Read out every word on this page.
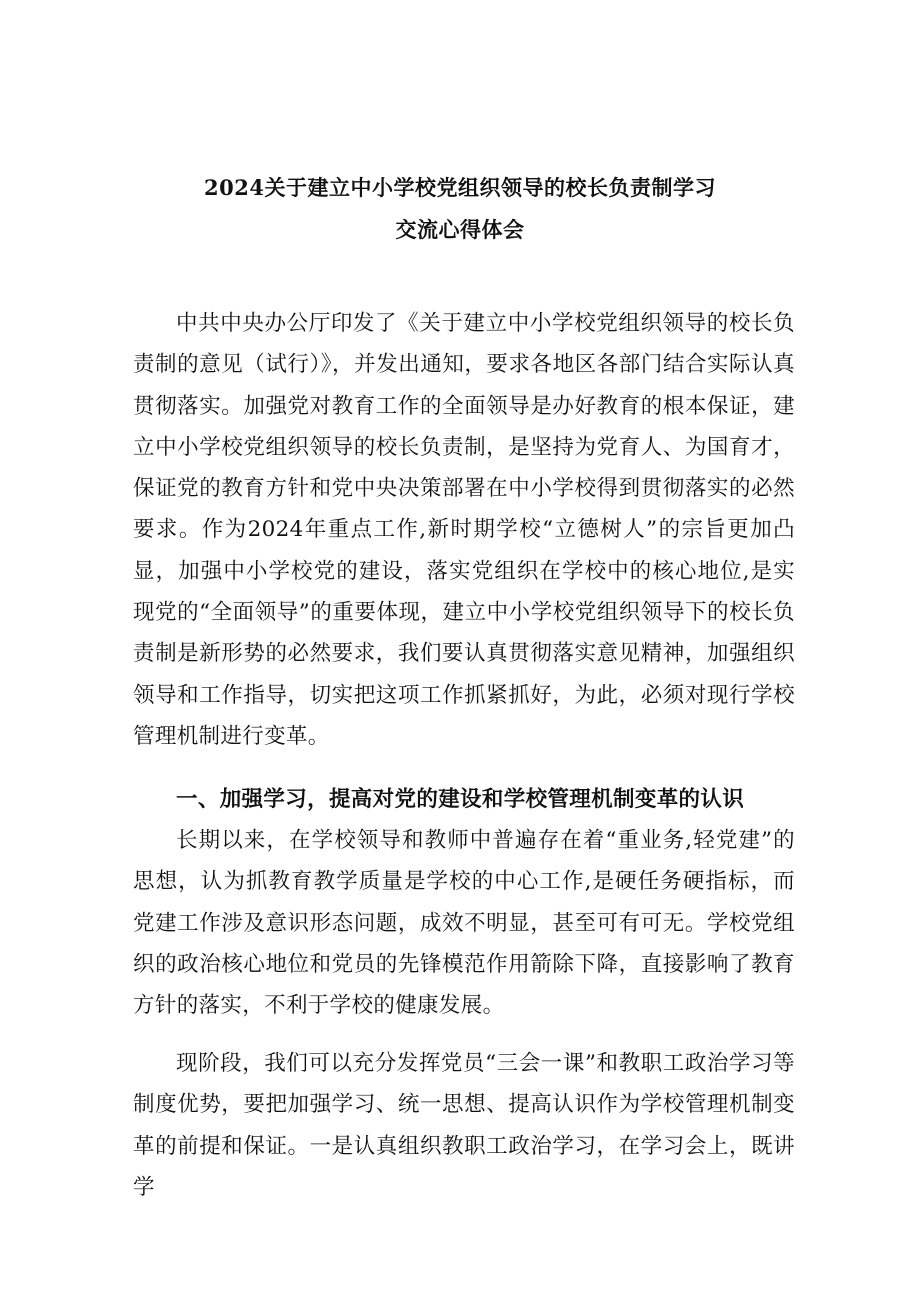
2024关于建立中小学校党组织领导的校长负责制学习
交流心得体会

中共中央办公厅印发了《关于建立中小学校党组织领导的校长负责制的意见（试行）》，并发出通知，要求各地区各部门结合实际认真贯彻落实。加强党对教育工作的全面领导是办好教育的根本保证，建立中小学校党组织领导的校长负责制，是坚持为党育人、为国育才，保证党的教育方针和党中央决策部署在中小学校得到贯彻落实的必然要求。作为2024年重点工作,新时期学校“立德树人”的宗旨更加凸显，加强中小学校党的建设，落实党组织在学校中的核心地位,是实现党的“全面领导”的重要体现，建立中小学校党组织领导下的校长负责制是新形势的必然要求，我们要认真贯彻落实意见精神，加强组织领导和工作指导，切实把这项工作抓紧抓好，为此，必须对现行学校管理机制进行变革。

一、加强学习，提高对党的建设和学校管理机制变革的认识

长期以来，在学校领导和教师中普遍存在着“重业务,轻党建”的思想，认为抓教育教学质量是学校的中心工作,是硬任务硬指标，而党建工作涉及意识形态问题，成效不明显，甚至可有可无。学校党组织的政治核心地位和党员的先锋模范作用箭除下降，直接影响了教育方针的落实，不利于学校的健康发展。

现阶段，我们可以充分发挥党员“三会一课”和教职工政治学习等制度优势，要把加强学习、统一思想、提高认识作为学校管理机制变革的前提和保证。一是认真组织教职工政治学习，在学习会上，既讲学
